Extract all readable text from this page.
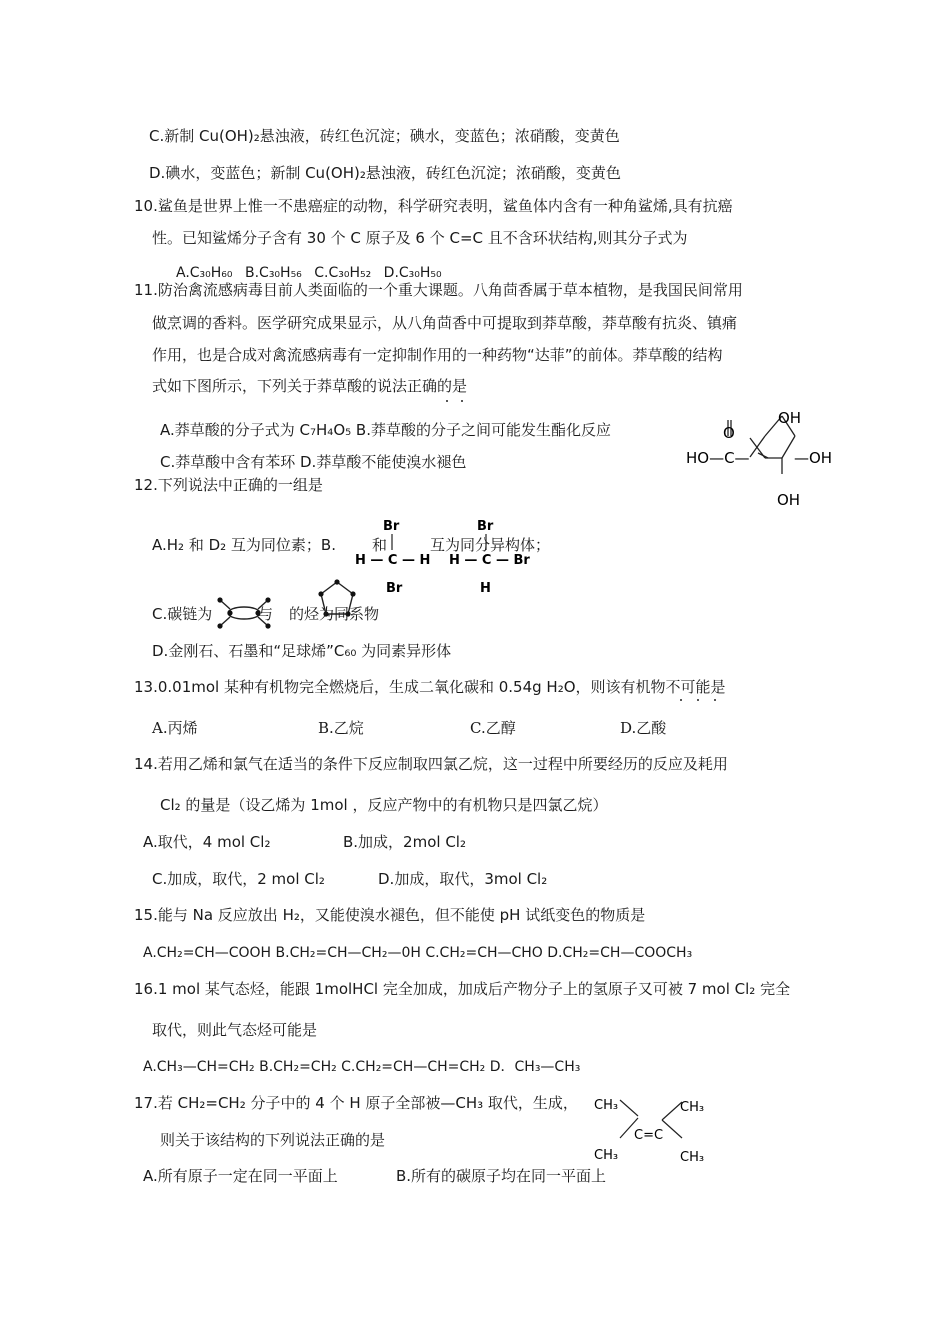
C.新制 Cu(OH)₂悬浊液，砖红色沉淀；碘水，变蓝色；浓硝酸，变黄色
D.碘水，变蓝色；新制 Cu(OH)₂悬浊液，砖红色沉淀；浓硝酸，变黄色
10.鲨鱼是世界上惟一不患癌症的动物，科学研究表明，鲨鱼体内含有一种角鲨烯,具有抗癌
性。已知鲨烯分子含有 30 个 C 原子及 6 个 C=C 且不含环状结构,则其分子式为
A.C₃₀H₆₀ B.C₃₀H₅₆ C.C₃₀H₅₂ D.C₃₀H₅₀
11.防治禽流感病毒目前人类面临的一个重大课题。八角茴香属于草本植物，是我国民间常用
做烹调的香料。医学研究成果显示，从八角茴香中可提取到莽草酸，莽草酸有抗炎、镇痛
作用，也是合成对禽流感病毒有一定抑制作用的一种药物“达菲”的前体。莽草酸的结构
式如下图所示，下列关于莽草酸的说法正确的是
A.莽草酸的分子式为 C₇H₄O₅ B.莽草酸的分子之间可能发生酯化反应
C.莽草酸中含有苯环 D.莽草酸不能使溴水褪色
O
HO—C—
OH
—OH
OH
12.下列说法中正确的一组是
A.H₂ 和 D₂ 互为同位素；B. 和	互为同分异构体；
Br
H — C — H
Br
Br
H — C — Br
H
C.碳链为	与 的烃为同系物
D.金刚石、石墨和“足球烯”C₆₀ 为同素异形体
13.0.01mol 某种有机物完全燃烧后，生成二氧化碳和 0.54g H₂O，则该有机物不可能是
A.丙烯	B.乙烷	C.乙醇	D.乙酸
14.若用乙烯和氯气在适当的条件下反应制取四氯乙烷，这一过程中所要经历的反应及耗用
Cl₂ 的量是（设乙烯为 1mol ，反应产物中的有机物只是四氯乙烷）
A.取代，4 mol Cl₂	B.加成，2mol Cl₂
C.加成，取代，2 mol Cl₂	D.加成，取代，3mol Cl₂
15.能与 Na 反应放出 H₂，又能使溴水褪色，但不能使 pH 试纸变色的物质是
A.CH₂=CH—COOH B.CH₂=CH—CH₂—0H C.CH₂=CH—CHO D.CH₂=CH—COOCH₃
16.1 mol 某气态烃，能跟 1molHCl 完全加成，加成后产物分子上的氢原子又可被 7 mol Cl₂ 完全
取代，则此气态烃可能是
A.CH₃—CH=CH₂ B.CH₂=CH₂ C.CH₂=CH—CH=CH₂ D．CH₃—CH₃
17.若 CH₂=CH₂ 分子中的 4 个 H 原子全部被—CH₃ 取代，生成，
则关于该结构的下列说法正确的是
CH₃	CH₃
C=C
CH₃	CH₃
A.所有原子一定在同一平面上	B.所有的碳原子均在同一平面上
